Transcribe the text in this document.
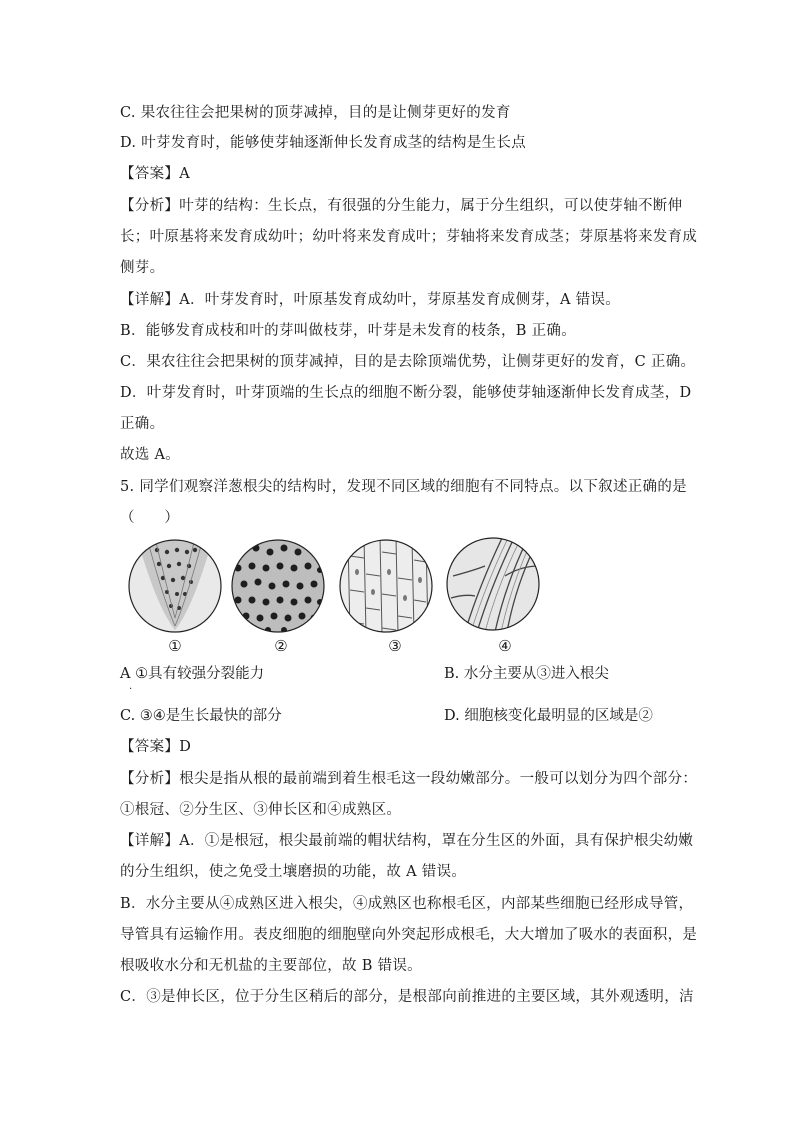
C. 果农往往会把果树的顶芽减掉，目的是让侧芽更好的发育
D. 叶芽发育时，能够使芽轴逐渐伸长发育成茎的结构是生长点
【答案】A
【分析】叶芽的结构：生长点，有很强的分生能力，属于分生组织，可以使芽轴不断伸
长；叶原基将来发育成幼叶；幼叶将来发育成叶；芽轴将来发育成茎；芽原基将来发育成
侧芽。
【详解】A．叶芽发育时，叶原基发育成幼叶，芽原基发育成侧芽，A 错误。
B．能够发育成枝和叶的芽叫做枝芽，叶芽是未发育的枝条，B 正确。
C．果农往往会把果树的顶芽减掉，目的是去除顶端优势，让侧芽更好的发育，C 正确。
D．叶芽发育时，叶芽顶端的生长点的细胞不断分裂，能够使芽轴逐渐伸长发育成茎，D
正确。
故选 A。
5. 同学们观察洋葱根尖的结构时，发现不同区域的细胞有不同特点。以下叙述正确的是
（　　）
①	②	③	④
A ①具有较强分裂能力
.
B. 水分主要从③进入根尖
C. ③④是生长最快的部分	D. 细胞核变化最明显的区域是②
【答案】D
【分析】根尖是指从根的最前端到着生根毛这一段幼嫩部分。一般可以划分为四个部分：
①根冠、②分生区、③伸长区和④成熟区。
【详解】A．①是根冠，根尖最前端的帽状结构，罩在分生区的外面，具有保护根尖幼嫩
的分生组织，使之免受土壤磨损的功能，故 A 错误。
B．水分主要从④成熟区进入根尖，④成熟区也称根毛区，内部某些细胞已经形成导管，
导管具有运输作用。表皮细胞的细胞壁向外突起形成根毛，大大增加了吸水的表面积，是
根吸收水分和无机盐的主要部位，故 B 错误。
C．③是伸长区，位于分生区稍后的部分，是根部向前推进的主要区域，其外观透明，洁
